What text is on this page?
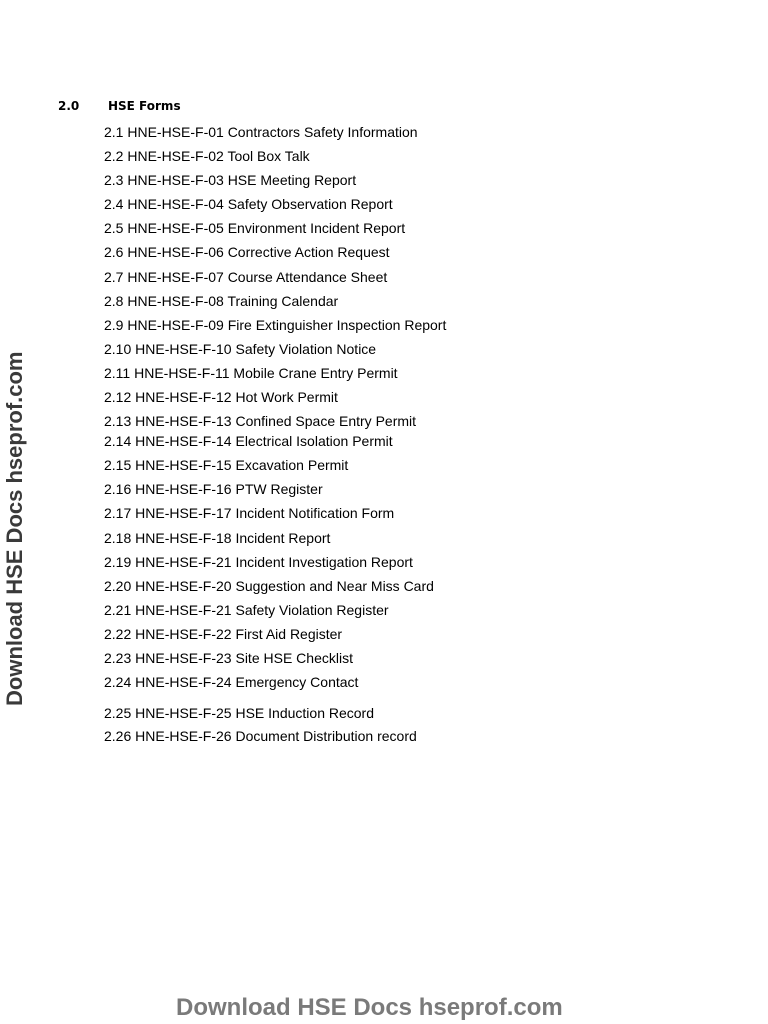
2.0 HSE Forms
2.1 HNE-HSE-F-01 Contractors Safety Information
2.2 HNE-HSE-F-02 Tool Box Talk
2.3 HNE-HSE-F-03 HSE Meeting Report
2.4 HNE-HSE-F-04 Safety Observation Report
2.5 HNE-HSE-F-05 Environment Incident Report
2.6 HNE-HSE-F-06 Corrective Action Request
2.7 HNE-HSE-F-07 Course Attendance Sheet
2.8 HNE-HSE-F-08 Training Calendar
2.9 HNE-HSE-F-09 Fire Extinguisher Inspection Report
2.10 HNE-HSE-F-10 Safety Violation Notice
2.11 HNE-HSE-F-11 Mobile Crane Entry Permit
2.12 HNE-HSE-F-12 Hot Work Permit
2.13 HNE-HSE-F-13 Confined Space Entry Permit
2.14 HNE-HSE-F-14 Electrical Isolation Permit
2.15 HNE-HSE-F-15 Excavation Permit
2.16 HNE-HSE-F-16 PTW Register
2.17 HNE-HSE-F-17 Incident Notification Form
2.18 HNE-HSE-F-18 Incident Report
2.19 HNE-HSE-F-21 Incident Investigation Report
2.20 HNE-HSE-F-20 Suggestion and Near Miss Card
2.21 HNE-HSE-F-21 Safety Violation Register
2.22 HNE-HSE-F-22 First Aid Register
2.23 HNE-HSE-F-23 Site HSE Checklist
2.24 HNE-HSE-F-24 Emergency Contact
2.25 HNE-HSE-F-25 HSE Induction Record
2.26 HNE-HSE-F-26 Document Distribution record
Download HSE Docs hseprof.com
Download HSE Docs hseprof.com
